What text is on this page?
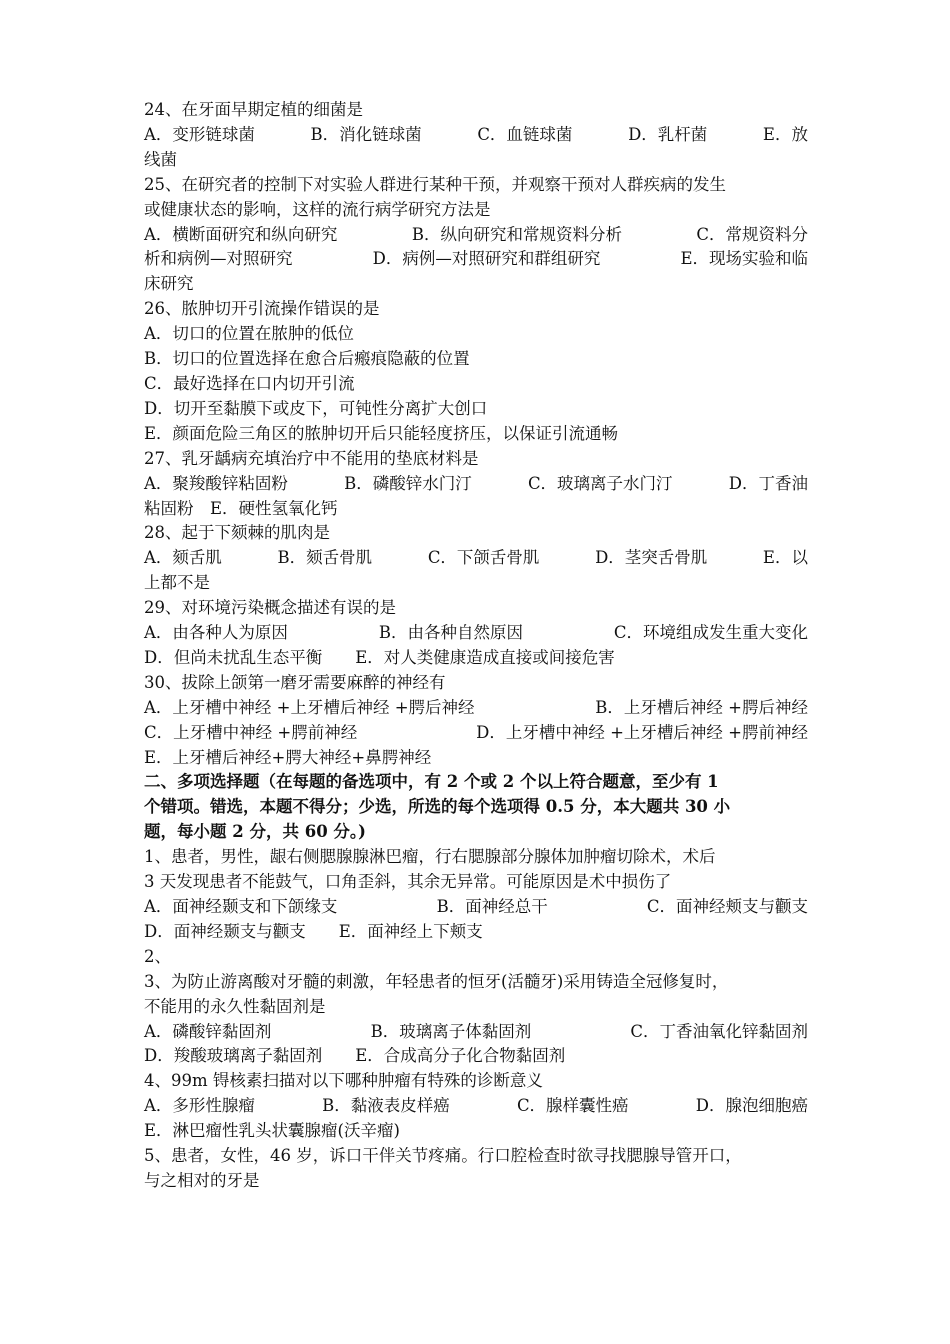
24、在牙面早期定植的细菌是
A．变形链球菌	B．消化链球菌	C．血链球菌	D．乳杆菌	E．放
线菌
25、在研究者的控制下对实验人群进行某种干预，并观察干预对人群疾病的发生
或健康状态的影响，这样的流行病学研究方法是
A．横断面研究和纵向研究	B．纵向研究和常规资料分析	C．常规资料分
析和病例—对照研究	D．病例—对照研究和群组研究	E．现场实验和临
床研究
26、脓肿切开引流操作错误的是
A．切口的位置在脓肿的低位
B．切口的位置选择在愈合后瘢痕隐蔽的位置
C．最好选择在口内切开引流
D．切开至黏膜下或皮下，可钝性分离扩大创口
E．颜面危险三角区的脓肿切开后只能轻度挤压，以保证引流通畅
27、乳牙龋病充填治疗中不能用的垫底材料是
A．聚羧酸锌粘固粉	B．磷酸锌水门汀	C．玻璃离子水门汀	D．丁香油
粘固粉　E．硬性氢氧化钙
28、起于下颏棘的肌肉是
A．颏舌肌	B．颏舌骨肌	C．下颌舌骨肌	D．茎突舌骨肌	E．以
上都不是
29、对环境污染概念描述有误的是
A．由各种人为原因	B．由各种自然原因	C．环境组成发生重大变化
D．但尚未扰乱生态平衡　　E．对人类健康造成直接或间接危害
30、拔除上颌第一磨牙需要麻醉的神经有
A．上牙槽中神经 +上牙槽后神经 +腭后神经	B．上牙槽后神经 +腭后神经
C．上牙槽中神经 +腭前神经	D．上牙槽中神经 +上牙槽后神经 +腭前神经
E．上牙槽后神经+腭大神经+鼻腭神经
二、多项选择题（在每题的备选项中，有 2 个或 2 个以上符合题意，至少有 1
个错项。错选，本题不得分；少选，所选的每个选项得 0.5 分，本大题共 30 小
题，每小题 2 分，共 60 分。)
1、患者，男性，龈右侧腮腺腺淋巴瘤，行右腮腺部分腺体加肿瘤切除术，术后
3 天发现患者不能鼓气，口角歪斜，其余无异常。可能原因是术中损伤了
A．面神经颞支和下颌缘支	B．面神经总干	C．面神经颊支与颧支
D．面神经颞支与颧支　　E．面神经上下颊支
2、
3、为防止游离酸对牙髓的刺激，年轻患者的恒牙(活髓牙)采用铸造全冠修复时，
不能用的永久性黏固剂是
A．磷酸锌黏固剂	B．玻璃离子体黏固剂	C．丁香油氧化锌黏固剂
D．羧酸玻璃离子黏固剂　　E．合成高分子化合物黏固剂
4、99m 锝核素扫描对以下哪种肿瘤有特殊的诊断意义
A．多形性腺瘤	B．黏液表皮样癌	C．腺样囊性癌	D．腺泡细胞癌
E．淋巴瘤性乳头状囊腺瘤(沃辛瘤)
5、患者，女性，46 岁，诉口干伴关节疼痛。行口腔检查时欲寻找腮腺导管开口，
与之相对的牙是
